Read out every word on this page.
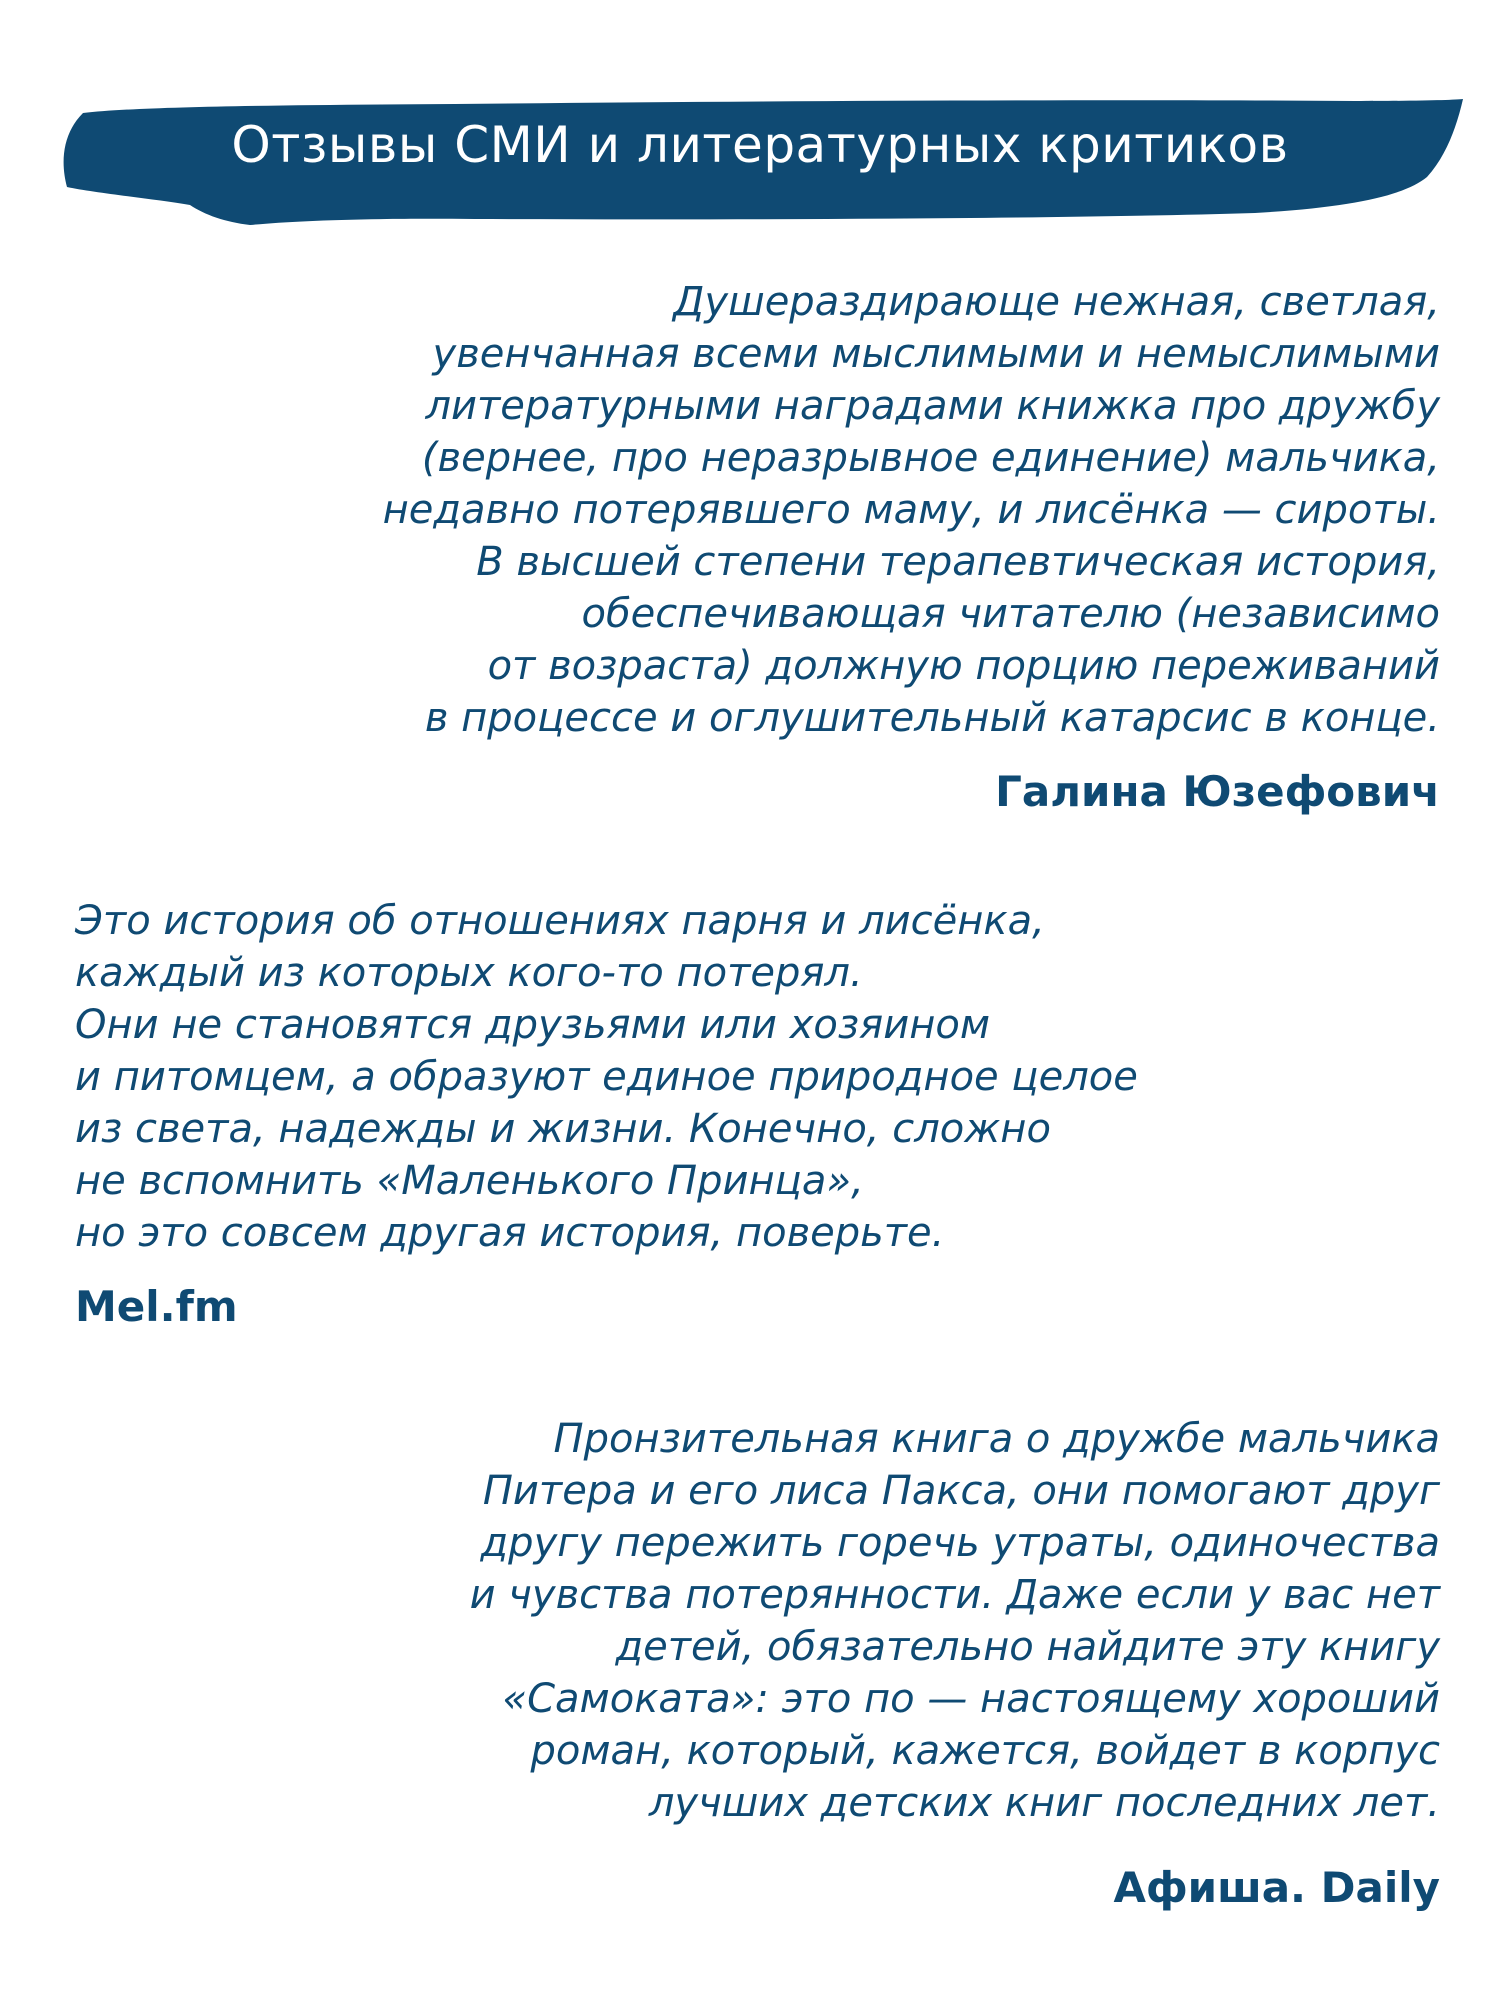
Отзывы СМИ и литературных критиков

Душераздирающе нежная, светлая,
увенчанная всеми мыслимыми и немыслимыми
литературными наградами книжка про дружбу
(вернее, про неразрывное единение) мальчика,
недавно потерявшего маму, и лисёнка — сироты.
В высшей степени терапевтическая история,
обеспечивающая читателю (независимо
от возраста) должную порцию переживаний
в процессе и оглушительный катарсис в конце.

Галина Юзефович

Это история об отношениях парня и лисёнка,
каждый из которых кого-то потерял.
Они не становятся друзьями или хозяином
и питомцем, а образуют единое природное целое
из света, надежды и жизни. Конечно, сложно
не вспомнить «Маленького Принца»,
но это совсем другая история, поверьте.

Mel.fm

Пронзительная книга о дружбе мальчика
Питера и его лиса Пакса, они помогают друг
другу пережить горечь утраты, одиночества
и чувства потерянности. Даже если у вас нет
детей, обязательно найдите эту книгу
«Самоката»: это по — настоящему хороший
роман, который, кажется, войдет в корпус
лучших детских книг последних лет.

Афиша. Daily
